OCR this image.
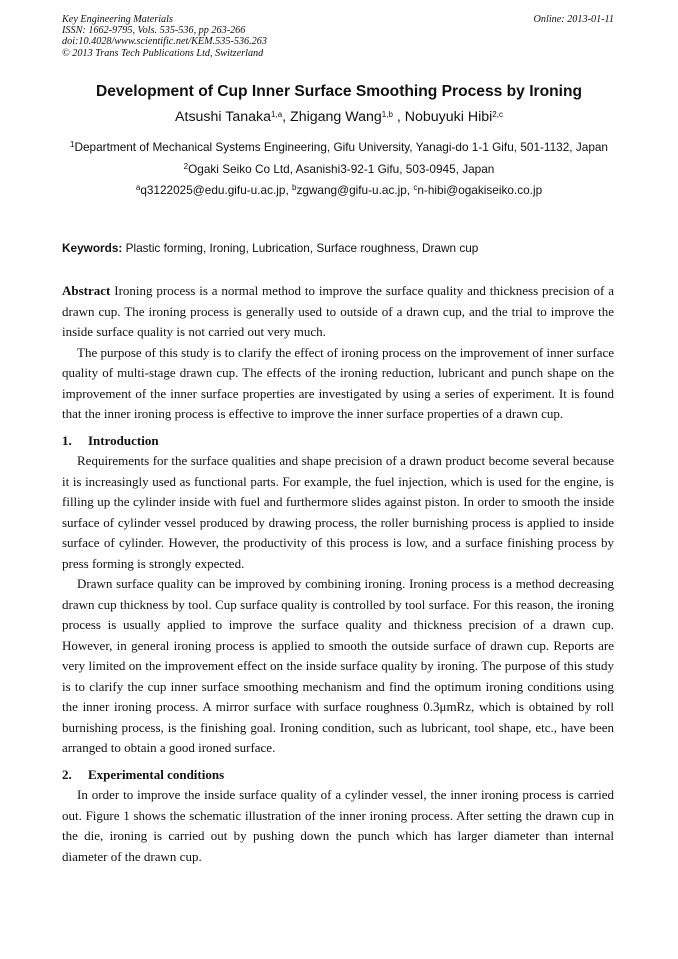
Key Engineering Materials
ISSN: 1662-9795, Vols. 535-536, pp 263-266
doi:10.4028/www.scientific.net/KEM.535-536.263
© 2013 Trans Tech Publications Ltd, Switzerland
Online: 2013-01-11
Development of Cup Inner Surface Smoothing Process by Ironing
Atsushi Tanaka$^{1,a}$, Zhigang Wang$^{1,b}$ , Nobuyuki Hibi$^{2,c}$
$^1$Department of Mechanical Systems Engineering, Gifu University, Yanagi-do 1-1 Gifu, 501-1132, Japan
$^2$Ogaki Seiko Co Ltd, Asanishi3-92-1 Gifu, 503-0945, Japan
$^a$q3122025@edu.gifu-u.ac.jp, $^b$zgwang@gifu-u.ac.jp, $^c$n-hibi@ogakiseiko.co.jp
Keywords: Plastic forming, Ironing, Lubrication, Surface roughness, Drawn cup

Abstract Ironing process is a normal method to improve the surface quality and thickness precision of a drawn cup. The ironing process is generally used to outside of a drawn cup, and the trial to improve the inside surface quality is not carried out very much.

The purpose of this study is to clarify the effect of ironing process on the improvement of inner surface quality of multi-stage drawn cup. The effects of the ironing reduction, lubricant and punch shape on the improvement of the inner surface properties are investigated by using a series of experiment. It is found that the inner ironing process is effective to improve the inner surface properties of a drawn cup.

1. Introduction

Requirements for the surface qualities and shape precision of a drawn product become several because it is increasingly used as functional parts. For example, the fuel injection, which is used for the engine, is filling up the cylinder inside with fuel and furthermore slides against piston. In order to smooth the inside surface of cylinder vessel produced by drawing process, the roller burnishing process is applied to inside surface of cylinder. However, the productivity of this process is low, and a surface finishing process by press forming is strongly expected.

Drawn surface quality can be improved by combining ironing. Ironing process is a method decreasing drawn cup thickness by tool. Cup surface quality is controlled by tool surface. For this reason, the ironing process is usually applied to improve the surface quality and thickness precision of a drawn cup. However, in general ironing process is applied to smooth the outside surface of drawn cup. Reports are very limited on the improvement effect on the inside surface quality by ironing. The purpose of this study is to clarify the cup inner surface smoothing mechanism and find the optimum ironing conditions using the inner ironing process. A mirror surface with surface roughness 0.3μmRz, which is obtained by roll burnishing process, is the finishing goal. Ironing condition, such as lubricant, tool shape, etc., have been arranged to obtain a good ironed surface.

2. Experimental conditions

In order to improve the inside surface quality of a cylinder vessel, the inner ironing process is carried out. Figure 1 shows the schematic illustration of the inner ironing process. After setting the drawn cup in the die, ironing is carried out by pushing down the punch which has larger diameter than internal diameter of the drawn cup.
